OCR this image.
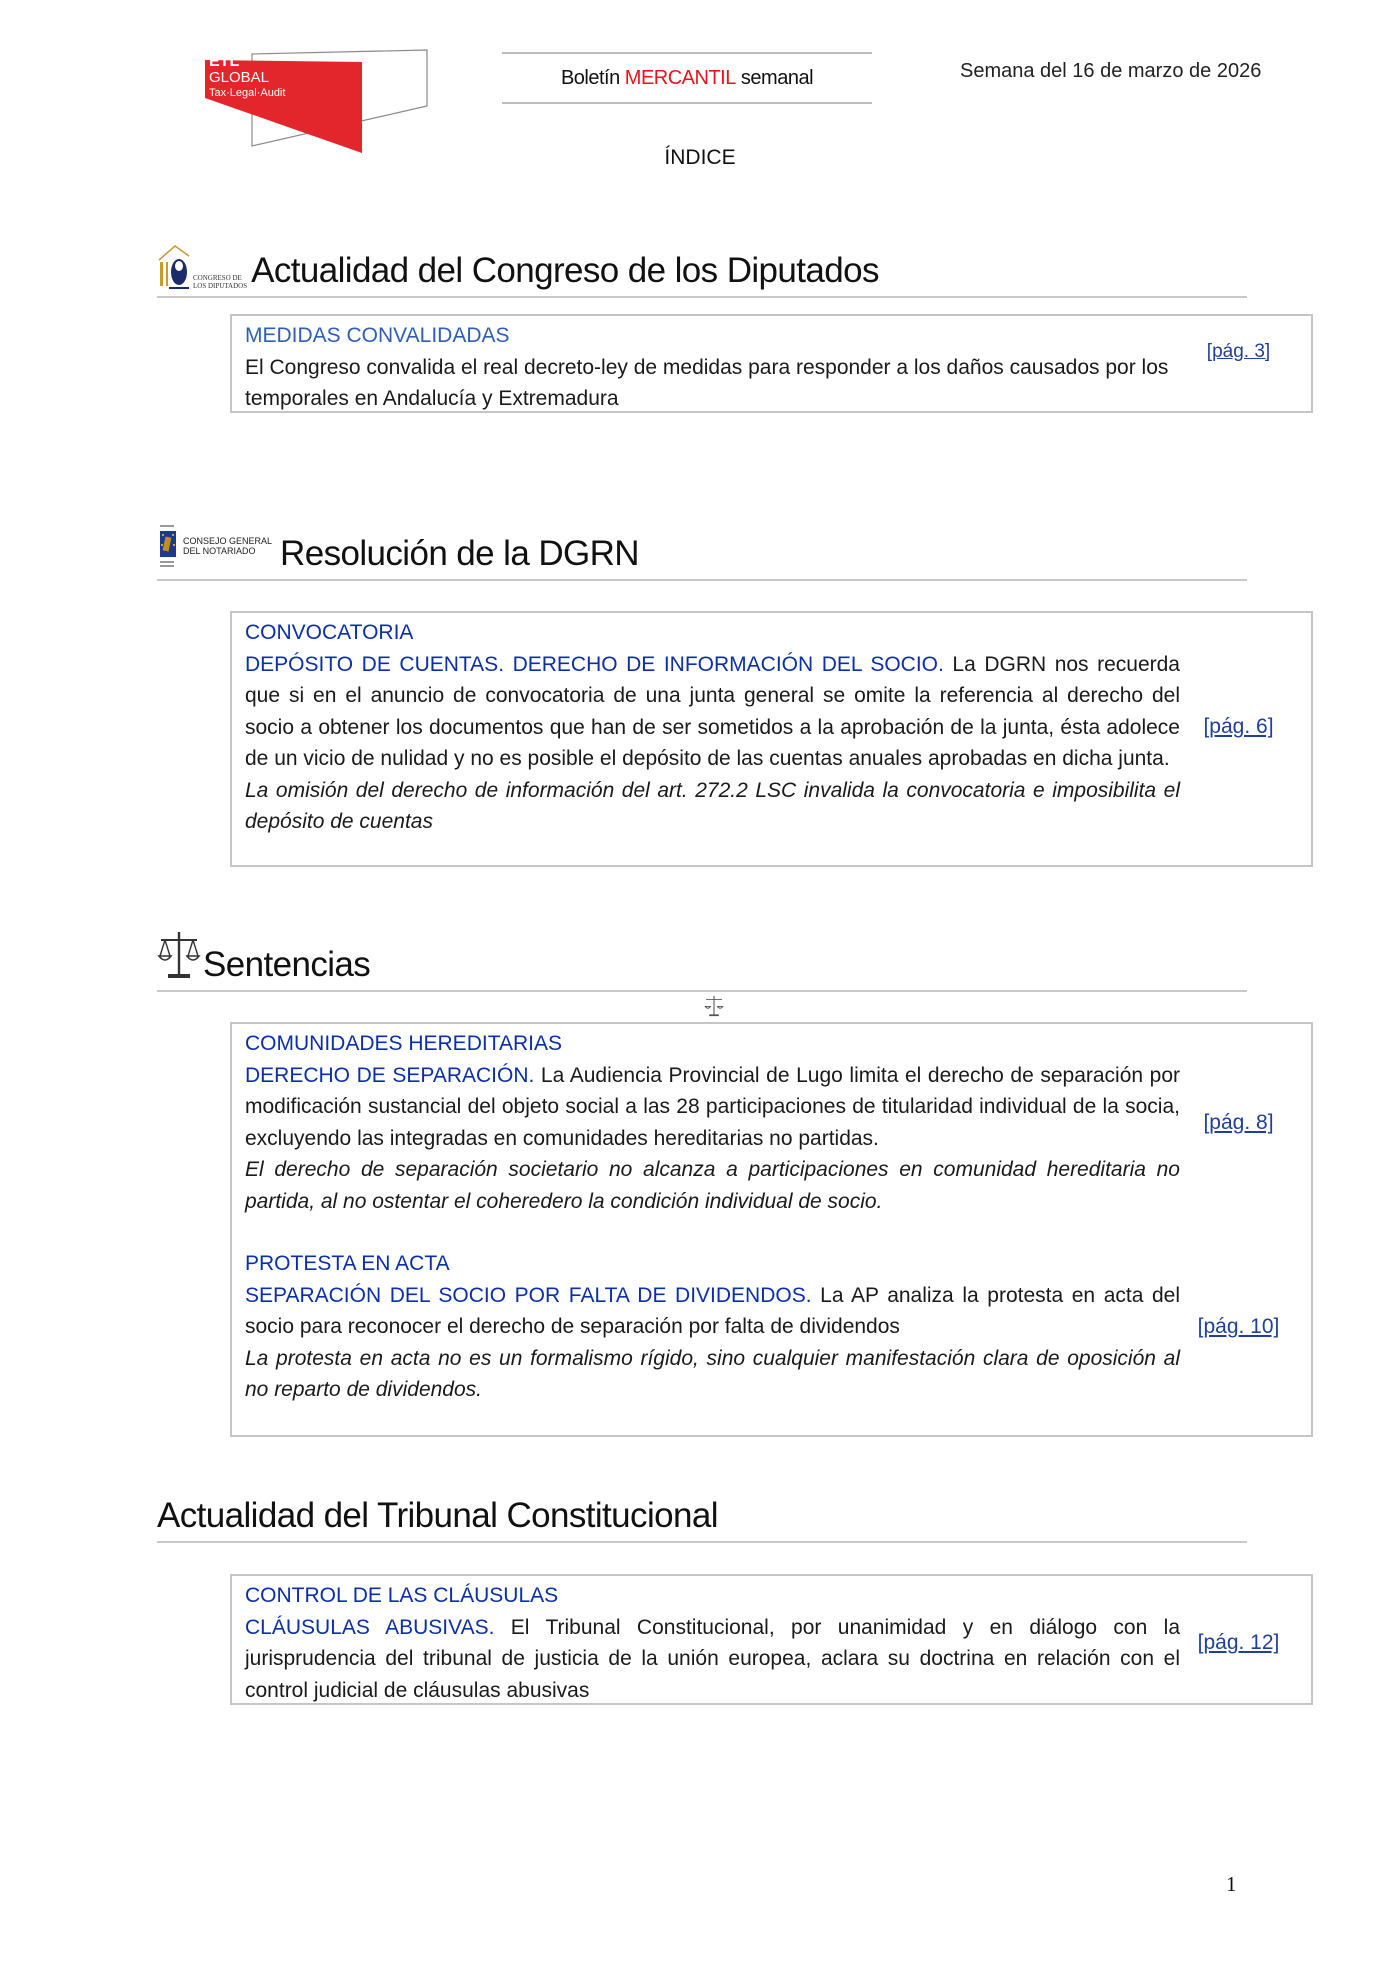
ETL
GLOBAL
Tax·Legal·Audit
Boletín MERCANTIL semanal	Semana del 16 de marzo de 2026
ÍNDICE
CONGRESO DE
LOS DIPUTADOS Actualidad del Congreso de los Diputados
MEDIDAS CONVALIDADAS
El Congreso convalida el real decreto-ley de medidas para responder a los daños causados por los temporales en Andalucía y Extremadura
[pág. 3]
CONSEJO GENERAL
DEL NOTARIADO Resolución de la DGRN
CONVOCATORIA
DEPÓSITO DE CUENTAS. DERECHO DE INFORMACIÓN DEL SOCIO. La DGRN nos recuerda que si en el anuncio de convocatoria de una junta general se omite la referencia al derecho del socio a obtener los documentos que han de ser sometidos a la aprobación de la junta, ésta adolece de un vicio de nulidad y no es posible el depósito de las cuentas anuales aprobadas en dicha junta.
La omisión del derecho de información del art. 272.2 LSC invalida la convocatoria e imposibilita el depósito de cuentas
[pág. 6]
Sentencias
COMUNIDADES HEREDITARIAS
DERECHO DE SEPARACIÓN. La Audiencia Provincial de Lugo limita el derecho de separación por modificación sustancial del objeto social a las 28 participaciones de titularidad individual de la socia, excluyendo las integradas en comunidades hereditarias no partidas.
El derecho de separación societario no alcanza a participaciones en comunidad hereditaria no partida, al no ostentar el coheredero la condición individual de socio.
[pág. 8]
PROTESTA EN ACTA
SEPARACIÓN DEL SOCIO POR FALTA DE DIVIDENDOS. La AP analiza la protesta en acta del socio para reconocer el derecho de separación por falta de dividendos
La protesta en acta no es un formalismo rígido, sino cualquier manifestación clara de oposición al no reparto de dividendos.
[pág. 10]
Actualidad del Tribunal Constitucional
CONTROL DE LAS CLÁUSULAS
CLÁUSULAS ABUSIVAS. El Tribunal Constitucional, por unanimidad y en diálogo con la jurisprudencia del tribunal de justicia de la unión europea, aclara su doctrina en relación con el control judicial de cláusulas abusivas
[pág. 12]
1
